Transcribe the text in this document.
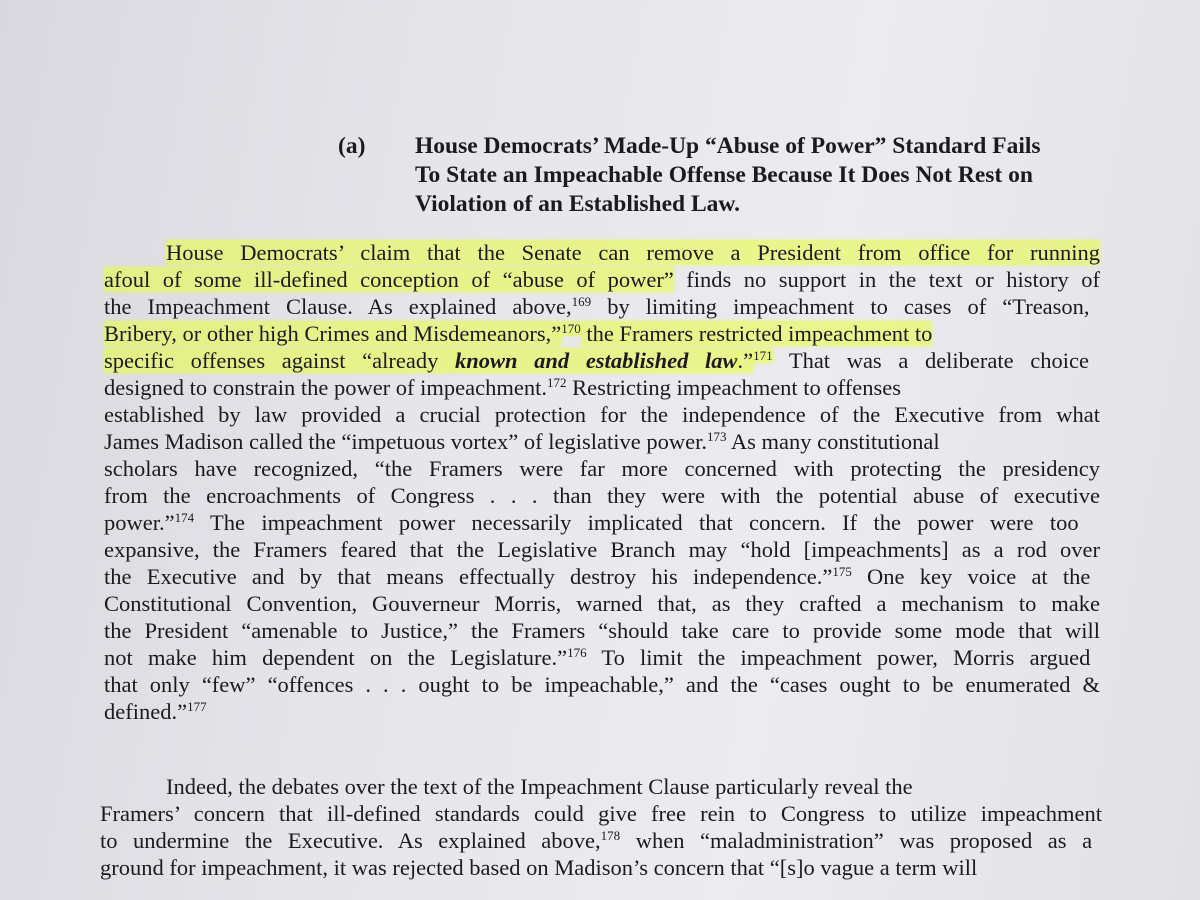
(a) House Democrats’ Made-Up “Abuse of Power” Standard Fails
To State an Impeachable Offense Because It Does Not Rest on
Violation of an Established Law.
House Democrats’ claim that the Senate can remove a President from office for running
afoul of some ill-defined conception of “abuse of power” finds no support in the text or history of
the Impeachment Clause. As explained above,$^{169}$ by limiting impeachment to cases of “Treason,
Bribery, or other high Crimes and Misdemeanors,”$^{170}$ the Framers restricted impeachment to
specific offenses against “already known and established law.”$^{171}$ That was a deliberate choice
designed to constrain the power of impeachment.$^{172}$ Restricting impeachment to offenses
established by law provided a crucial protection for the independence of the Executive from what
James Madison called the “impetuous vortex” of legislative power.$^{173}$ As many constitutional
scholars have recognized, “the Framers were far more concerned with protecting the presidency
from the encroachments of Congress . . . than they were with the potential abuse of executive
power.”$^{174}$ The impeachment power necessarily implicated that concern. If the power were too
expansive, the Framers feared that the Legislative Branch may “hold [impeachments] as a rod over
the Executive and by that means effectually destroy his independence.”$^{175}$ One key voice at the
Constitutional Convention, Gouverneur Morris, warned that, as they crafted a mechanism to make
the President “amenable to Justice,” the Framers “should take care to provide some mode that will
not make him dependent on the Legislature.”$^{176}$ To limit the impeachment power, Morris argued
that only “few” “offences . . . ought to be impeachable,” and the “cases ought to be enumerated &
defined.”$^{177}$
Indeed, the debates over the text of the Impeachment Clause particularly reveal the
Framers’ concern that ill-defined standards could give free rein to Congress to utilize impeachment
to undermine the Executive. As explained above,$^{178}$ when “maladministration” was proposed as a
ground for impeachment, it was rejected based on Madison’s concern that “[s]o vague a term will
